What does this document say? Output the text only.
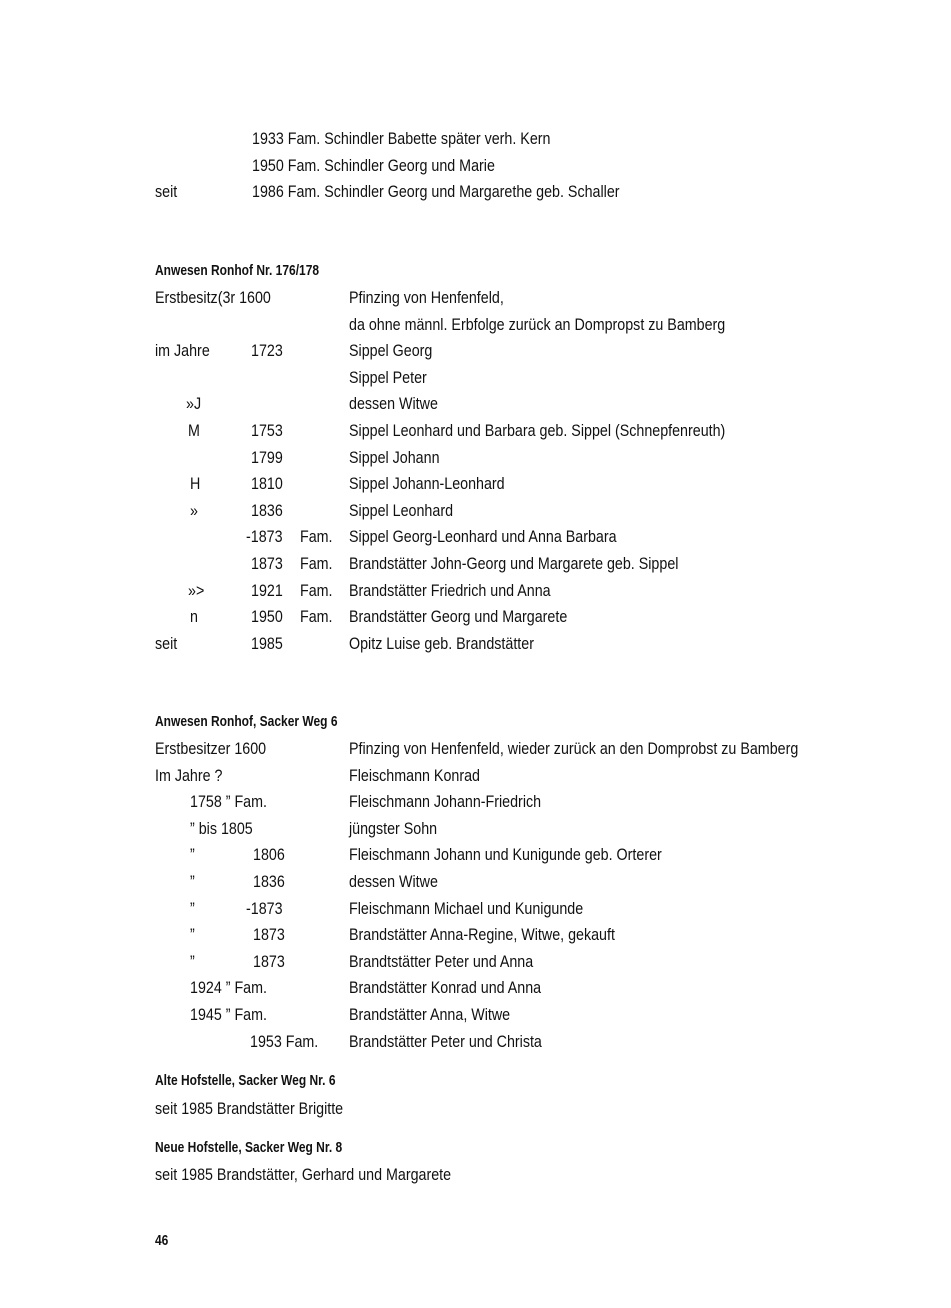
1933 Fam. Schindler Babette später verh. Kern
1950 Fam. Schindler Georg und Marie
seit	1986 Fam. Schindler Georg und Margarethe geb. Schaller
Anwesen Ronhof Nr. 176/178
Erstbesitz(3r 1600	Pfinzing von Henfenfeld,
da ohne männl. Erbfolge zurück an Dompropst zu Bamberg
im Jahre 1723	Sippel Georg
Sippel Peter
»J	dessen Witwe
M	1753	Sippel Leonhard und Barbara geb. Sippel (Schnepfenreuth)
1799	Sippel Johann
H	1810	Sippel Johann-Leonhard
»	1836	Sippel Leonhard
-1873 Fam. Sippel Georg-Leonhard und Anna Barbara
1873 Fam. Brandstätter John-Georg und Margarete geb. Sippel
»>	1921 Fam. Brandstätter Friedrich und Anna
n	1950 Fam. Brandstätter Georg und Margarete
seit	1985	Opitz Luise geb. Brandstätter
Anwesen Ronhof, Sacker Weg 6
Erstbesitzer 1600	Pfinzing von Henfenfeld, wieder zurück an den Domprobst zu Bamberg
Im Jahre ?	Fleischmann Konrad
1758 ” Fam.	Fleischmann Johann-Friedrich
” bis 1805	jüngster Sohn
”	1806	Fleischmann Johann und Kunigunde geb. Orterer
”	1836	dessen Witwe
”	-1873	Fleischmann Michael und Kunigunde
”	1873	Brandstätter Anna-Regine, Witwe, gekauft
”	1873	Brandtstätter Peter und Anna
1924 ” Fam.	Brandstätter Konrad und Anna
1945 ” Fam.	Brandstätter Anna, Witwe
1953 Fam. Brandstätter Peter und Christa
Alte Hofstelle, Sacker Weg Nr. 6
seit 1985 Brandstätter Brigitte
Neue Hofstelle, Sacker Weg Nr. 8
seit 1985 Brandstätter, Gerhard und Margarete
46
